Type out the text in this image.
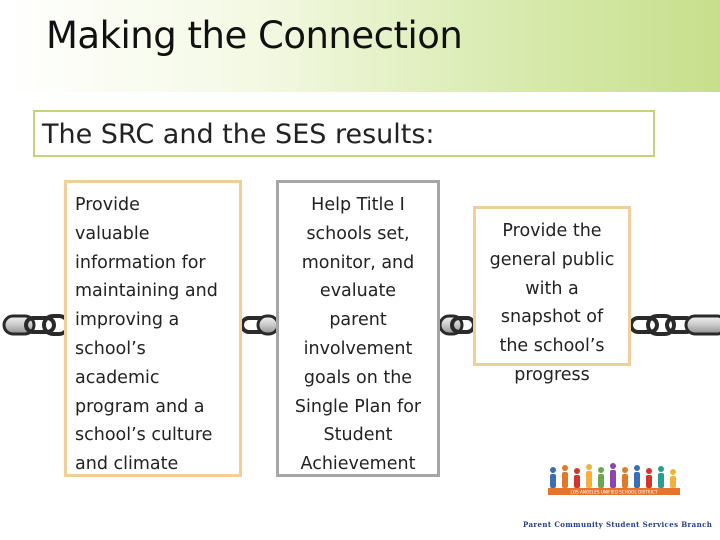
Making the Connection
The SRC and the SES results:
Provide
valuable
information for
maintaining and
improving a
school’s
academic
program and a
school’s culture
and climate
Help Title I
schools set,
monitor, and
evaluate
parent
involvement
goals on the
Single Plan for
Student
Achievement
Provide the
general public
with a
snapshot of
the school’s
progress
LOS ANGELES UNIFIED SCHOOL DISTRICT
Parent Community Student Services Branch
